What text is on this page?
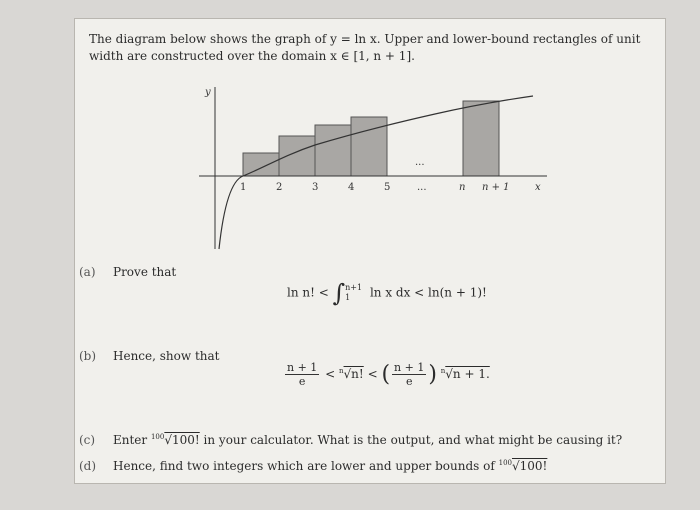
The diagram below shows the graph of y = ln x. Upper and lower-bound rectangles of unit
width are constructed over the domain x ∈ [1, n + 1].
y
x
1	2	3	4	5	...	n n + 1
...
(a) Prove that
ln n! < ∫ n+1
1	ln x dx < ln(n + 1)!
(b) Hence, show that
$\frac{n + 1}{e} < ^n√n$! < ( $\frac{n + 1}{e}$ ) $^n$√n + 1.
(c) Enter $^{100}$√100! in your calculator. What is the output, and what might be causing it?
(d) Hence, find two integers which are lower and upper bounds of $^{100}$√100!
